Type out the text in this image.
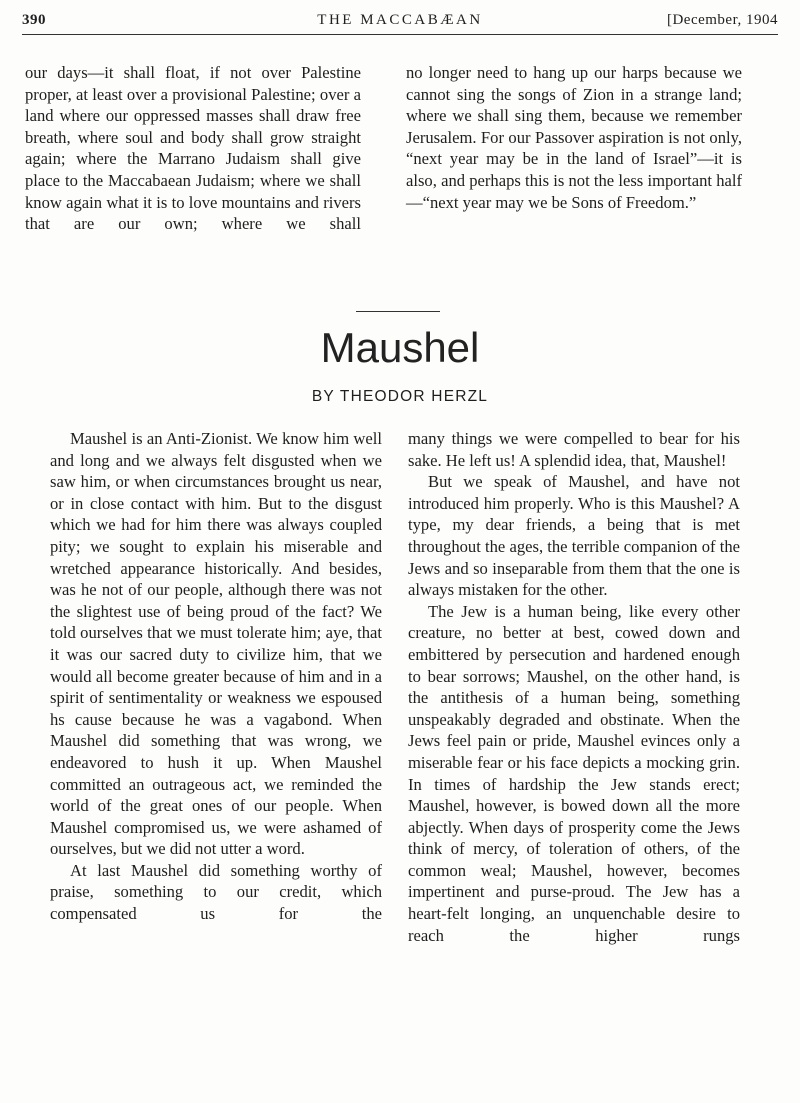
390	THE MACCABÆAN	[December, 1904

our days—it shall float, if not over Palestine proper, at least over a provisional Palestine; over a land where our oppressed masses shall draw free breath, where soul and body shall grow straight again; where the Marrano Judaism shall give place to the Maccabaean Judaism; where we shall know again what it is to love mountains and rivers that are our own; where we shall

no longer need to hang up our harps because we cannot sing the songs of Zion in a strange land; where we shall sing them, because we remember Jerusalem. For our Passover aspiration is not only, “next year may be in the land of Israel”—it is also, and perhaps this is not the less important half—“next year may we be Sons of Freedom.”

Maushel
BY THEODOR HERZL

Maushel is an Anti-Zionist. We know him well and long and we always felt disgusted when we saw him, or when circumstances brought us near, or in close contact with him. But to the disgust which we had for him there was always coupled pity; we sought to explain his miserable and wretched appearance historically. And besides, was he not of our people, although there was not the slightest use of being proud of the fact? We told ourselves that we must tolerate him; aye, that it was our sacred duty to civilize him, that we would all become greater because of him and in a spirit of sentimentality or weakness we espoused hs cause because he was a vagabond. When Maushel did something that was wrong, we endeavored to hush it up. When Maushel committed an outrageous act, we reminded the world of the great ones of our people. When Maushel compromised us, we were ashamed of ourselves, but we did not utter a word.

At last Maushel did something worthy of praise, something to our credit, which compensated us for the

many things we were compelled to bear for his sake. He left us! A splendid idea, that, Maushel!

But we speak of Maushel, and have not introduced him properly. Who is this Maushel? A type, my dear friends, a being that is met throughout the ages, the terrible companion of the Jews and so inseparable from them that the one is always mistaken for the other.

The Jew is a human being, like every other creature, no better at best, cowed down and embittered by persecution and hardened enough to bear sorrows; Maushel, on the other hand, is the antithesis of a human being, something unspeakably degraded and obstinate. When the Jews feel pain or pride, Maushel evinces only a miserable fear or his face depicts a mocking grin. In times of hardship the Jew stands erect; Maushel, however, is bowed down all the more abjectly. When days of prosperity come the Jews think of mercy, of toleration of others, of the common weal; Maushel, however, becomes impertinent and purse-proud. The Jew has a heart-felt longing, an unquenchable desire to reach the higher rungs
